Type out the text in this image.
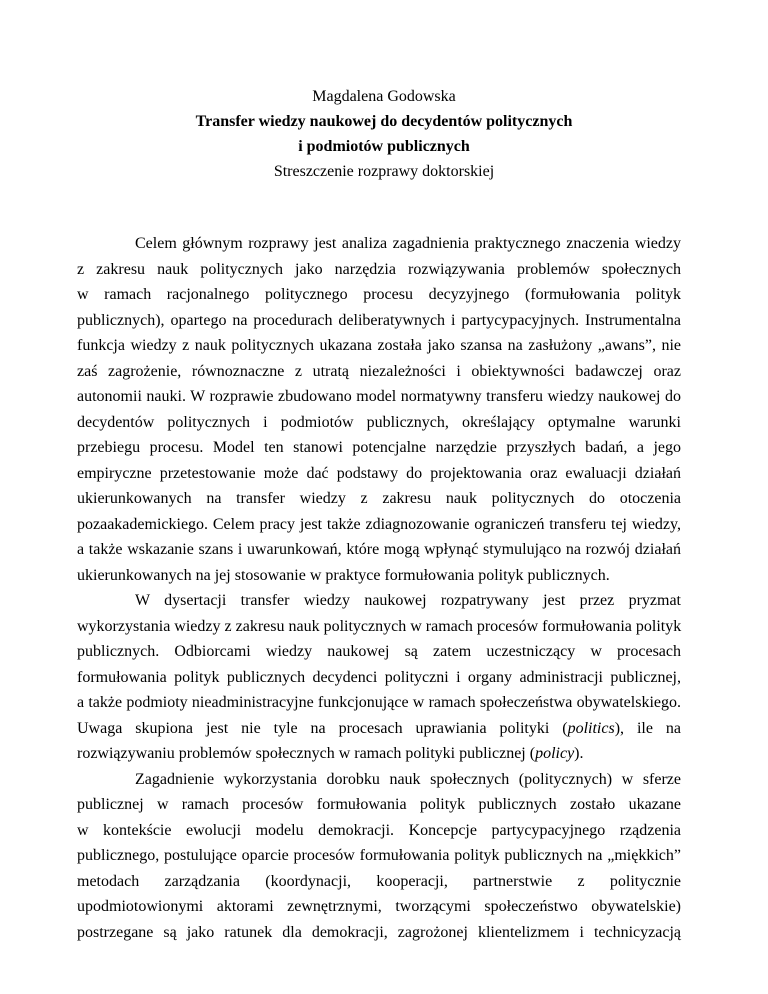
Magdalena Godowska
Transfer wiedzy naukowej do decydentów politycznych
i podmiotów publicznych
Streszczenie rozprawy doktorskiej
Celem głównym rozprawy jest analiza zagadnienia praktycznego znaczenia wiedzy
z zakresu nauk politycznych jako narzędzia rozwiązywania problemów społecznych
w ramach racjonalnego politycznego procesu decyzyjnego (formułowania polityk
publicznych), opartego na procedurach deliberatywnych i partycypacyjnych. Instrumentalna
funkcja wiedzy z nauk politycznych ukazana została jako szansa na zasłużony „awans”, nie
zaś zagrożenie, równoznaczne z utratą niezależności i obiektywności badawczej oraz
autonomii nauki. W rozprawie zbudowano model normatywny transferu wiedzy naukowej do
decydentów politycznych i podmiotów publicznych, określający optymalne warunki
przebiegu procesu. Model ten stanowi potencjalne narzędzie przyszłych badań, a jego
empiryczne przetestowanie może dać podstawy do projektowania oraz ewaluacji działań
ukierunkowanych na transfer wiedzy z zakresu nauk politycznych do otoczenia
pozaakademickiego. Celem pracy jest także zdiagnozowanie ograniczeń transferu tej wiedzy,
a także wskazanie szans i uwarunkowań, które mogą wpłynąć stymulująco na rozwój działań
ukierunkowanych na jej stosowanie w praktyce formułowania polityk publicznych.
W dysertacji transfer wiedzy naukowej rozpatrywany jest przez pryzmat
wykorzystania wiedzy z zakresu nauk politycznych w ramach procesów formułowania polityk
publicznych. Odbiorcami wiedzy naukowej są zatem uczestniczący w procesach
formułowania polityk publicznych decydenci polityczni i organy administracji publicznej,
a także podmioty nieadministracyjne funkcjonujące w ramach społeczeństwa obywatelskiego.
Uwaga skupiona jest nie tyle na procesach uprawiania polityki (politics), ile na
rozwiązywaniu problemów społecznych w ramach polityki publicznej (policy).
Zagadnienie wykorzystania dorobku nauk społecznych (politycznych) w sferze
publicznej w ramach procesów formułowania polityk publicznych zostało ukazane
w kontekście ewolucji modelu demokracji. Koncepcje partycypacyjnego rządzenia
publicznego, postulujące oparcie procesów formułowania polityk publicznych na „miękkich”
metodach zarządzania (koordynacji, kooperacji, partnerstwie z politycznie
upodmiotowionymi aktorami zewnętrznymi, tworzącymi społeczeństwo obywatelskie)
postrzegane są jako ratunek dla demokracji, zagrożonej klientelizmem i technicyzacją
